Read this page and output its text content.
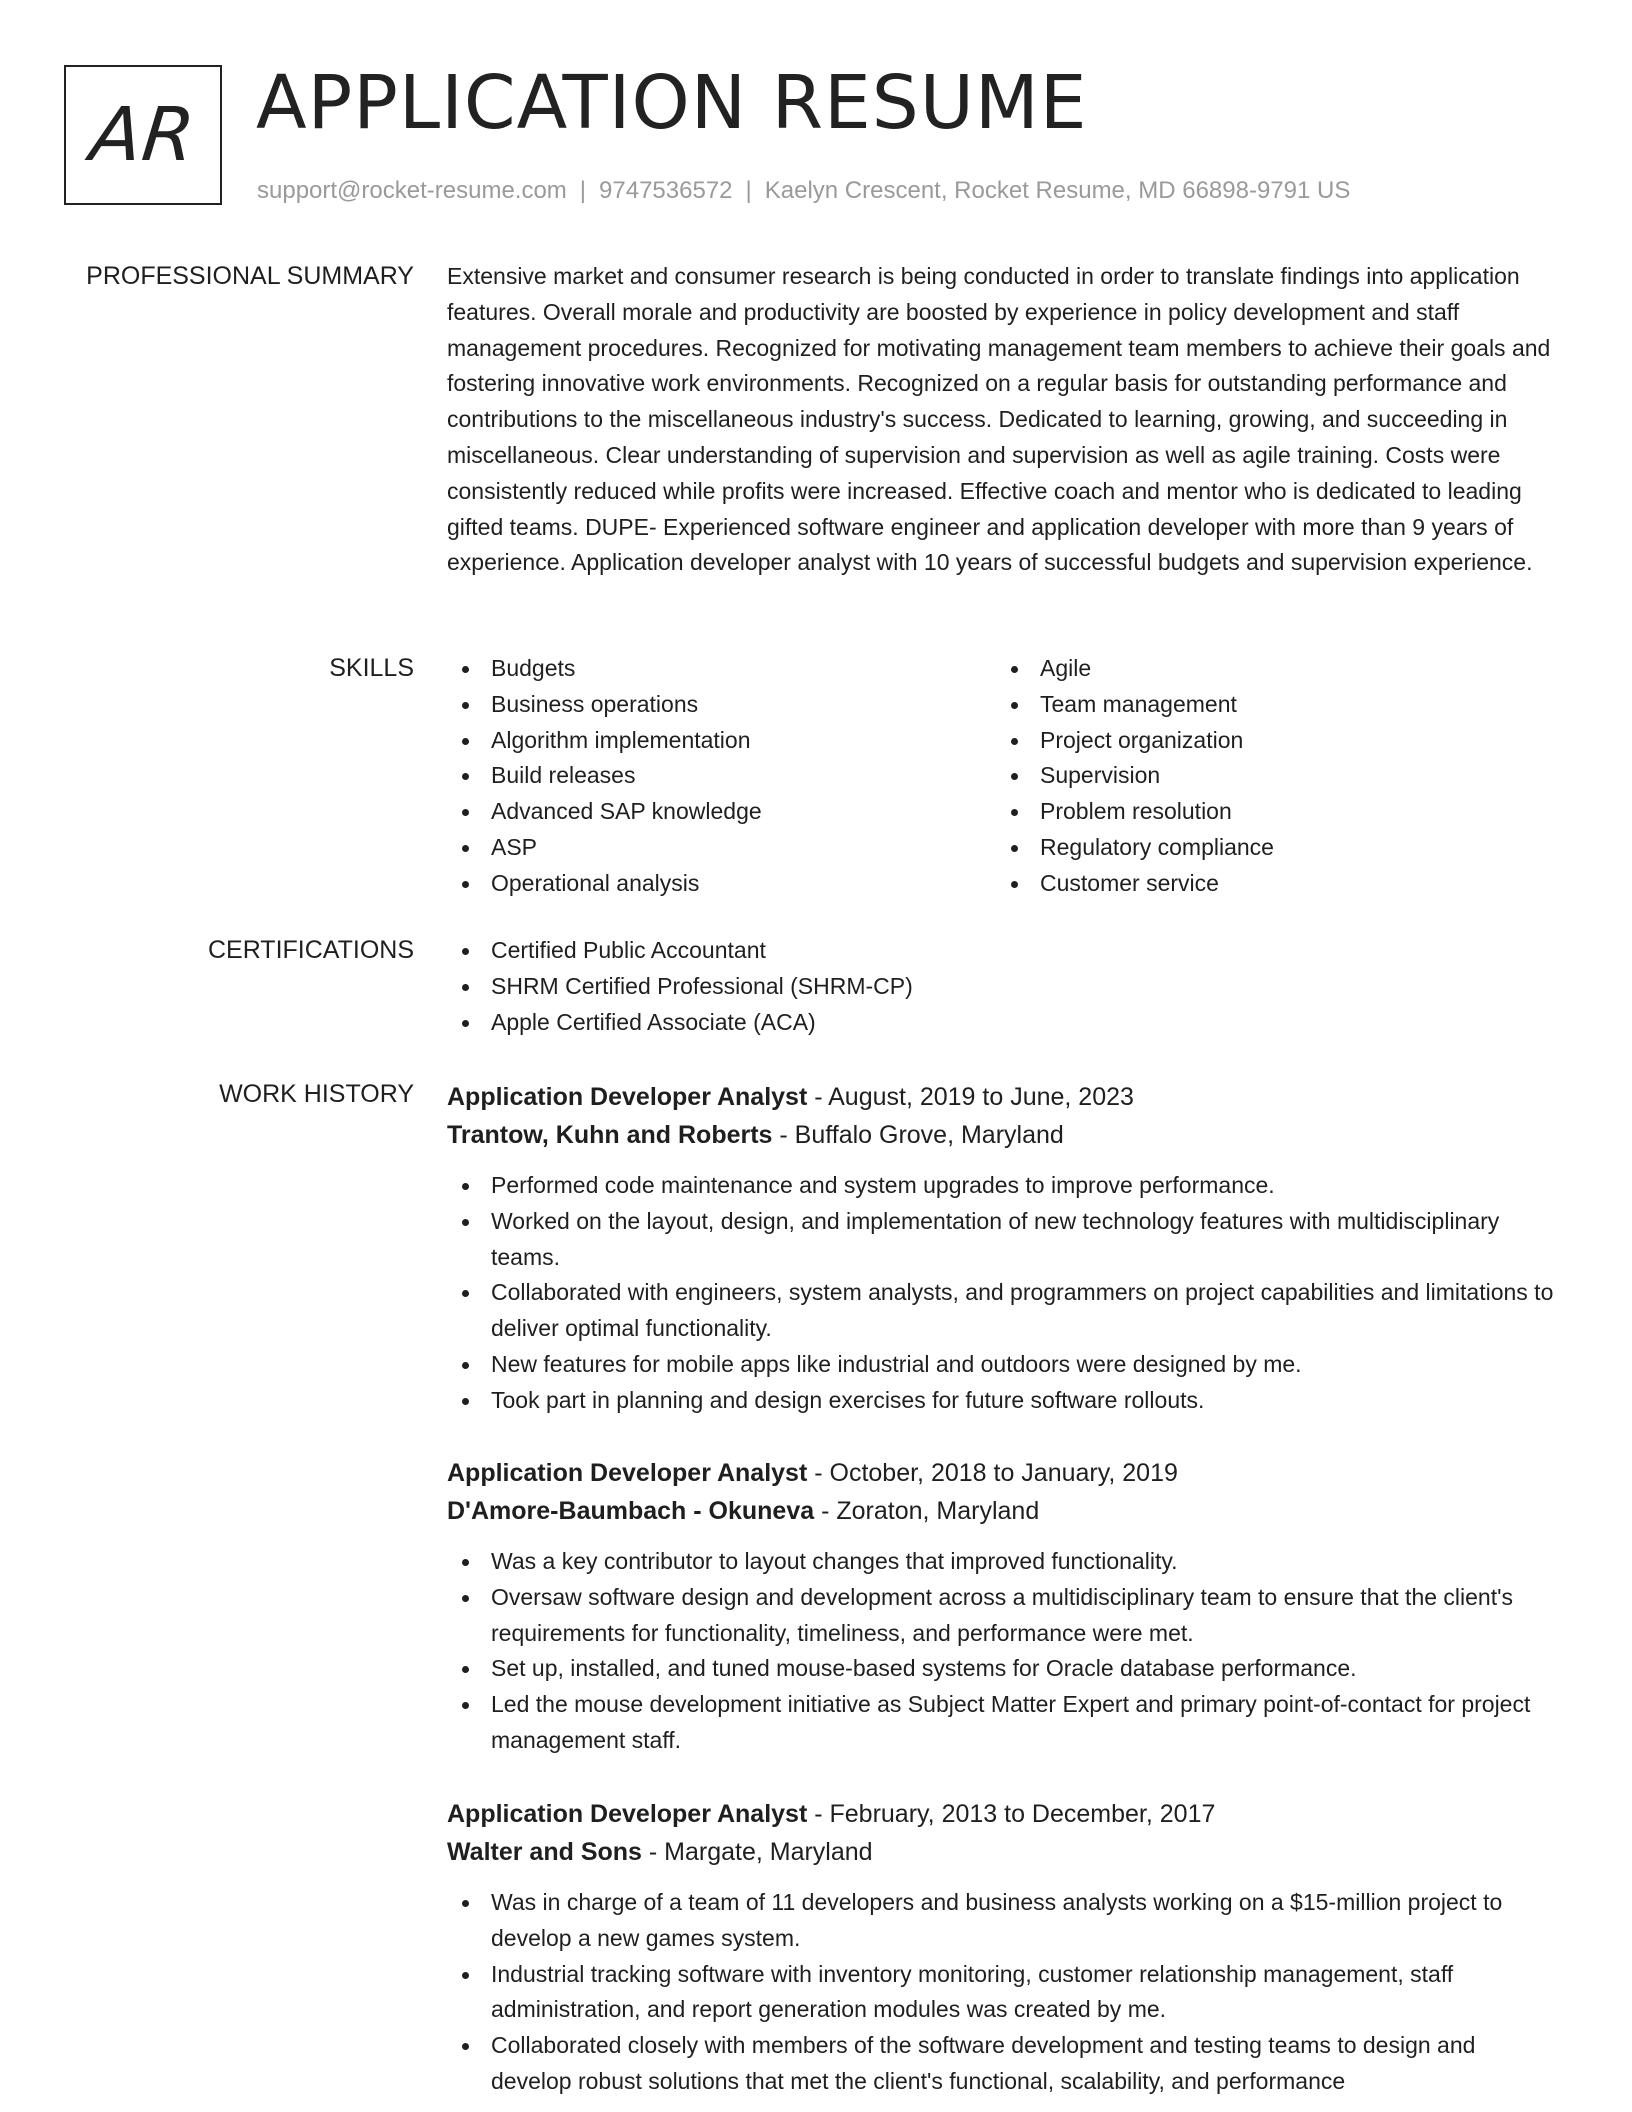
AR APPLICATION RESUME
support@rocket-resume.com | 9747536572 | Kaelyn Crescent, Rocket Resume, MD 66898-9791 US
PROFESSIONAL SUMMARY Extensive market and consumer research is being conducted in order to translate findings into application features. Overall morale and productivity are boosted by experience in policy development and staff management procedures. Recognized for motivating management team members to achieve their goals and fostering innovative work environments. Recognized on a regular basis for outstanding performance and contributions to the miscellaneous industry's success. Dedicated to learning, growing, and succeeding in miscellaneous. Clear understanding of supervision and supervision as well as agile training. Costs were consistently reduced while profits were increased. Effective coach and mentor who is dedicated to leading gifted teams. DUPE- Experienced software engineer and application developer with more than 9 years of experience. Application developer analyst with 10 years of successful budgets and supervision experience.

SKILLS	Budgets
Business operations
Algorithm implementation
Build releases
Advanced SAP knowledge
ASP
Operational analysis
Agile
Team management
Project organization
Supervision
Problem resolution
Regulatory compliance
Customer service
CERTIFICATIONS	Certified Public Accountant
SHRM Certified Professional (SHRM-CP)
Apple Certified Associate (ACA)
WORK HISTORY Application Developer Analyst - August, 2019 to June, 2023
Trantow, Kuhn and Roberts - Buffalo Grove, Maryland
Performed code maintenance and system upgrades to improve performance.
Worked on the layout, design, and implementation of new technology features with multidisciplinary teams.
Collaborated with engineers, system analysts, and programmers on project capabilities and limitations to deliver optimal functionality.
New features for mobile apps like industrial and outdoors were designed by me.
Took part in planning and design exercises for future software rollouts.
Application Developer Analyst - October, 2018 to January, 2019
D'Amore-Baumbach - Okuneva - Zoraton, Maryland
Was a key contributor to layout changes that improved functionality.
Oversaw software design and development across a multidisciplinary team to ensure that the client's requirements for functionality, timeliness, and performance were met.
Set up, installed, and tuned mouse-based systems for Oracle database performance.
Led the mouse development initiative as Subject Matter Expert and primary point-of-contact for project management staff.
Application Developer Analyst - February, 2013 to December, 2017
Walter and Sons - Margate, Maryland
Was in charge of a team of 11 developers and business analysts working on a $15-million project to develop a new games system.
Industrial tracking software with inventory monitoring, customer relationship management, staff administration, and report generation modules was created by me.
Collaborated closely with members of the software development and testing teams to design and develop robust solutions that met the client's functional, scalability, and performance
